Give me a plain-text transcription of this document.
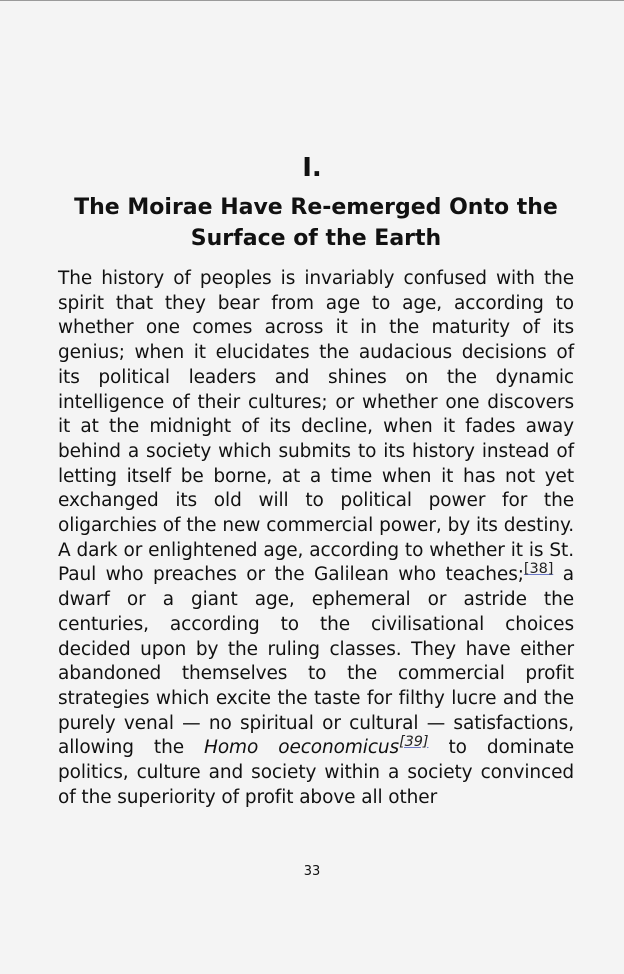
I.
The Moirae Have Re-emerged Onto the Surface of the Earth

The history of peoples is invariably confused with the spirit that they bear from age to age, according to whether one comes across it in the maturity of its genius; when it elucidates the audacious decisions of its political leaders and shines on the dynamic intelligence of their cultures; or whether one discovers it at the midnight of its decline, when it fades away behind a society which submits to its history instead of letting itself be borne, at a time when it has not yet exchanged its old will to political power for the oligarchies of the new commercial power, by its destiny. A dark or enlightened age, according to whether it is St. Paul who preaches or the Galilean who teaches;[38] a dwarf or a giant age, ephemeral or astride the centuries, according to the civilisational choices decided upon by the ruling classes. They have either abandoned themselves to the commercial profit strategies which excite the taste for filthy lucre and the purely venal — no spiritual or cultural — satisfactions, allowing the Homo oeconomicus[39] to dominate politics, culture and society within a society convinced of the superiority of profit above all other

33
